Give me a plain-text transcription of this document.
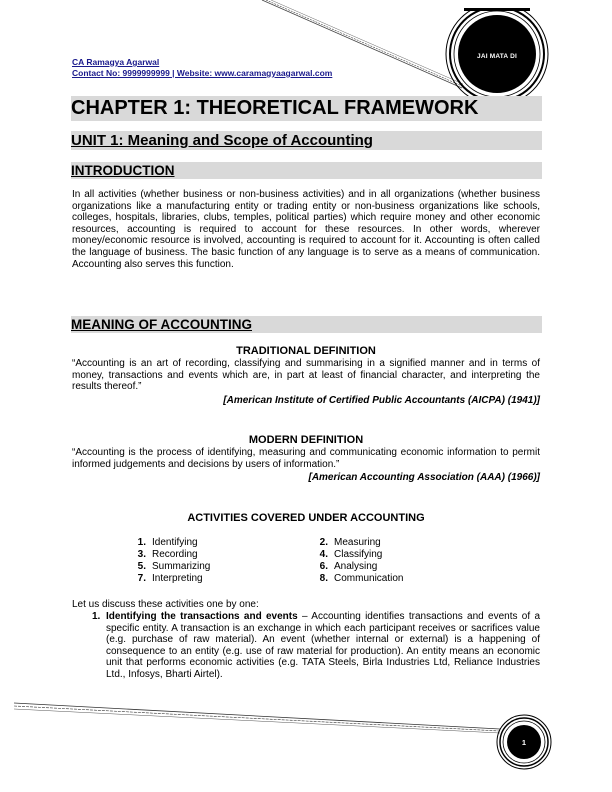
CA Ramagya Agarwal
Contact No: 9999999999 | Website: www.caramagyaagarwal.com
JAI MATA DI
CHAPTER 1: THEORETICAL FRAMEWORK
UNIT 1: Meaning and Scope of Accounting
INTRODUCTION
In all activities (whether business or non-business activities) and in all organizations (whether business organizations like a manufacturing entity or trading entity or non-business organizations like schools, colleges, hospitals, libraries, clubs, temples, political parties) which require money and other economic resources, accounting is required to account for these resources. In other words, wherever money/economic resource is involved, accounting is required to account for it. Accounting is often called the language of business. The basic function of any language is to serve as a means of communication. Accounting also serves this function.
MEANING OF ACCOUNTING
TRADITIONAL DEFINITION
“Accounting is an art of recording, classifying and summarising in a signified manner and in terms of money, transactions and events which are, in part at least of financial character, and interpreting the results thereof.”
[American Institute of Certified Public Accountants (AICPA) (1941)]
MODERN DEFINITION
“Accounting is the process of identifying, measuring and communicating economic information to permit informed judgements and decisions by users of information.”
[American Accounting Association (AAA) (1966)]
ACTIVITIES COVERED UNDER ACCOUNTING
1. Identifying	2. Measuring
3. Recording	4. Classifying
5. Summarizing	6. Analysing
7. Interpreting	8. Communication
Let us discuss these activities one by one:
1. Identifying the transactions and events – Accounting identifies transactions and events of a specific entity. A transaction is an exchange in which each participant receives or sacrifices value (e.g. purchase of raw material). An event (whether internal or external) is a happening of consequence to an entity (e.g. use of raw material for production). An entity means an economic unit that performs economic activities (e.g. TATA Steels, Birla Industries Ltd, Reliance Industries Ltd., Infosys, Bharti Airtel).
1
